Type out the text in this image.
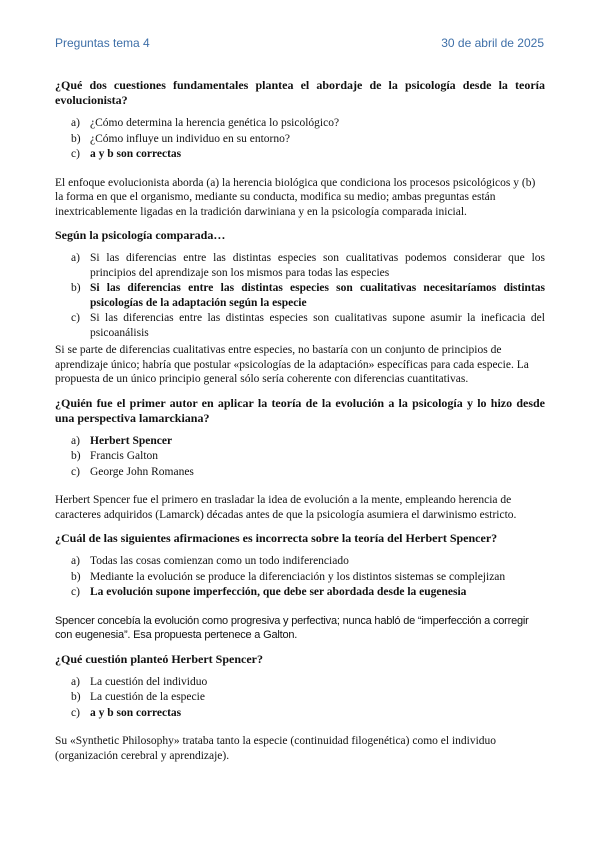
Preguntas tema 4	30 de abril de 2025

¿Qué dos cuestiones fundamentales plantea el abordaje de la psicología desde la teoría evolucionista?

a) ¿Cómo determina la herencia genética lo psicológico?
b) ¿Cómo influye un individuo en su entorno?
c) a y b son correctas

El enfoque evolucionista aborda (a) la herencia biológica que condiciona los procesos psicológicos y (b) la forma en que el organismo, mediante su conducta, modifica su medio; ambas preguntas están inextricablemente ligadas en la tradición darwiniana y en la psicología comparada inicial.

Según la psicología comparada…

a) Si las diferencias entre las distintas especies son cualitativas podemos considerar que los principios del aprendizaje son los mismos para todas las especies
b) Si las diferencias entre las distintas especies son cualitativas necesitaríamos distintas psicologías de la adaptación según la especie
c) Si las diferencias entre las distintas especies son cualitativas supone asumir la ineficacia del psicoanálisis

Si se parte de diferencias cualitativas entre especies, no bastaría con un conjunto de principios de aprendizaje único; habría que postular «psicologías de la adaptación» específicas para cada especie. La propuesta de un único principio general sólo sería coherente con diferencias cuantitativas.

¿Quién fue el primer autor en aplicar la teoría de la evolución a la psicología y lo hizo desde una perspectiva lamarckiana?

a) Herbert Spencer
b) Francis Galton
c) George John Romanes

Herbert Spencer fue el primero en trasladar la idea de evolución a la mente, empleando herencia de caracteres adquiridos (Lamarck) décadas antes de que la psicología asumiera el darwinismo estricto.

¿Cuál de las siguientes afirmaciones es incorrecta sobre la teoría del Herbert Spencer?

a) Todas las cosas comienzan como un todo indiferenciado
b) Mediante la evolución se produce la diferenciación y los distintos sistemas se complejizan
c) La evolución supone imperfección, que debe ser abordada desde la eugenesia

Spencer concebía la evolución como progresiva y perfectiva; nunca habló de “imperfección a corregir con eugenesia”. Esa propuesta pertenece a Galton.

¿Qué cuestión planteó Herbert Spencer?

a) La cuestión del individuo
b) La cuestión de la especie
c) a y b son correctas

Su «Synthetic Philosophy» trataba tanto la especie (continuidad filogenética) como el individuo (organización cerebral y aprendizaje).
